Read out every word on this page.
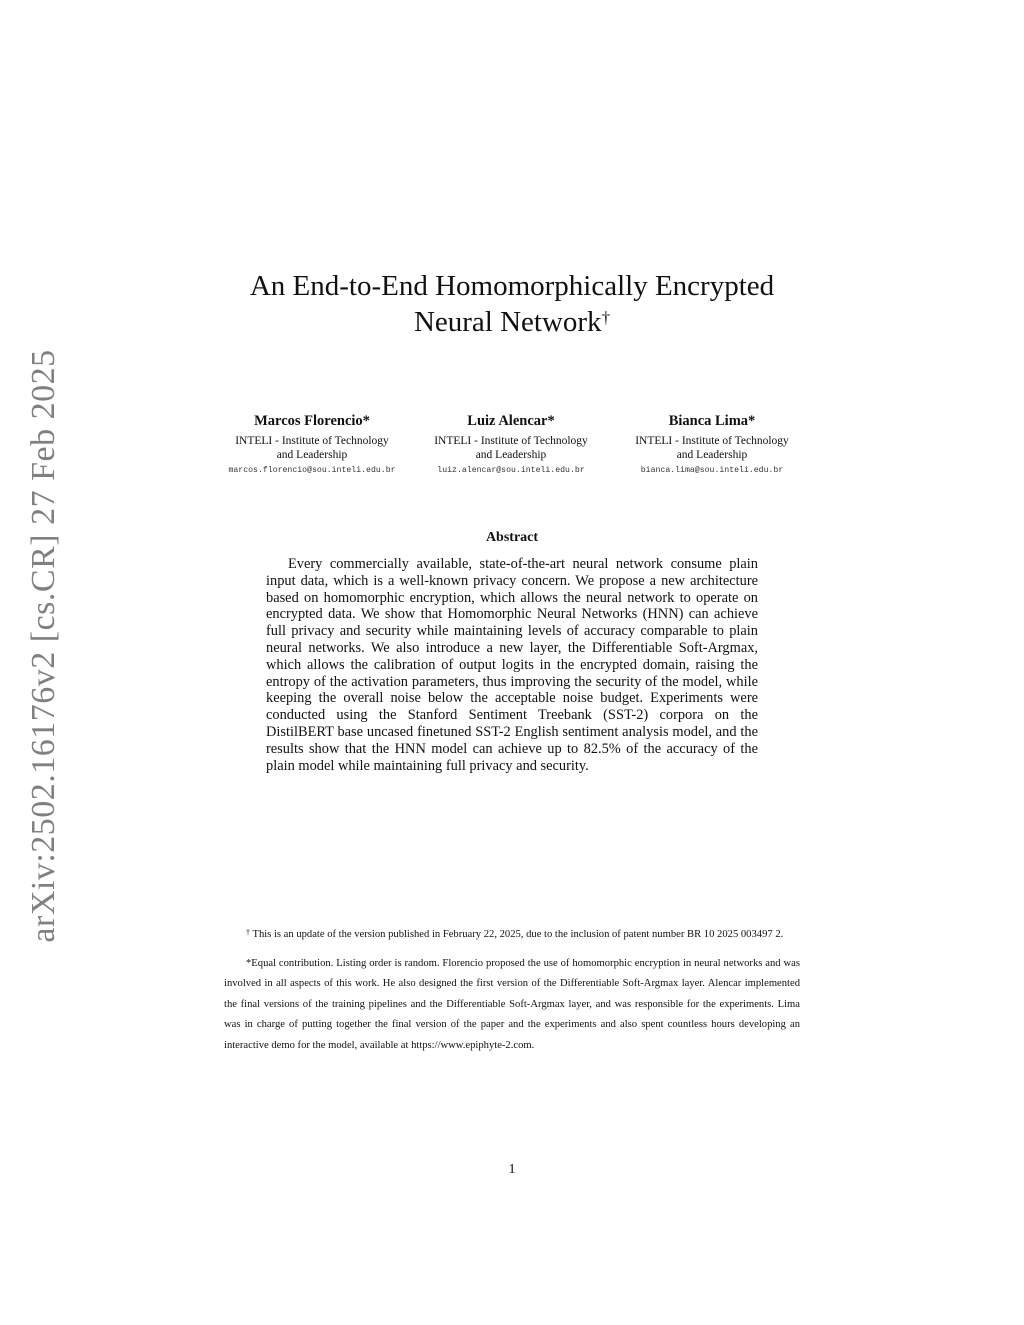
arXiv:2502.16176v2 [cs.CR] 27 Feb 2025
An End-to-End Homomorphically Encrypted
Neural Network†
Marcos Florencio*
INTELI - Institute of Technology
and Leadership
marcos.florencio@sou.inteli.edu.br
Luiz Alencar*
INTELI - Institute of Technology
and Leadership
luiz.alencar@sou.inteli.edu.br
Bianca Lima*
INTELI - Institute of Technology
and Leadership
bianca.lima@sou.inteli.edu.br
Abstract

Every commercially available, state-of-the-art neural network consume plain input data, which is a well-known privacy concern. We propose a new architecture based on homomorphic encryption, which allows the neural network to operate on encrypted data. We show that Homomorphic Neural Networks (HNN) can achieve full privacy and security while maintaining levels of accuracy comparable to plain neural networks. We also introduce a new layer, the Differentiable Soft-Argmax, which allows the calibration of output logits in the encrypted domain, raising the entropy of the activation parameters, thus improving the security of the model, while keeping the overall noise below the acceptable noise budget. Experiments were conducted using the Stanford Sentiment Treebank (SST-2) corpora on the DistilBERT base uncased finetuned SST-2 English sentiment analysis model, and the results show that the HNN model can achieve up to 82.5% of the accuracy of the plain model while maintaining full privacy and security.

† This is an update of the version published in February 22, 2025, due to the inclusion of patent number BR 10 2025 003497 2.

*Equal contribution. Listing order is random. Florencio proposed the use of homomorphic encryption in neural networks and was involved in all aspects of this work. He also designed the first version of the Differentiable Soft-Argmax layer. Alencar implemented the final versions of the training pipelines and the Differentiable Soft-Argmax layer, and was responsible for the experiments. Lima was in charge of putting together the final version of the paper and the experiments and also spent countless hours developing an interactive demo for the model, available at https://www.epiphyte-2.com.

1
